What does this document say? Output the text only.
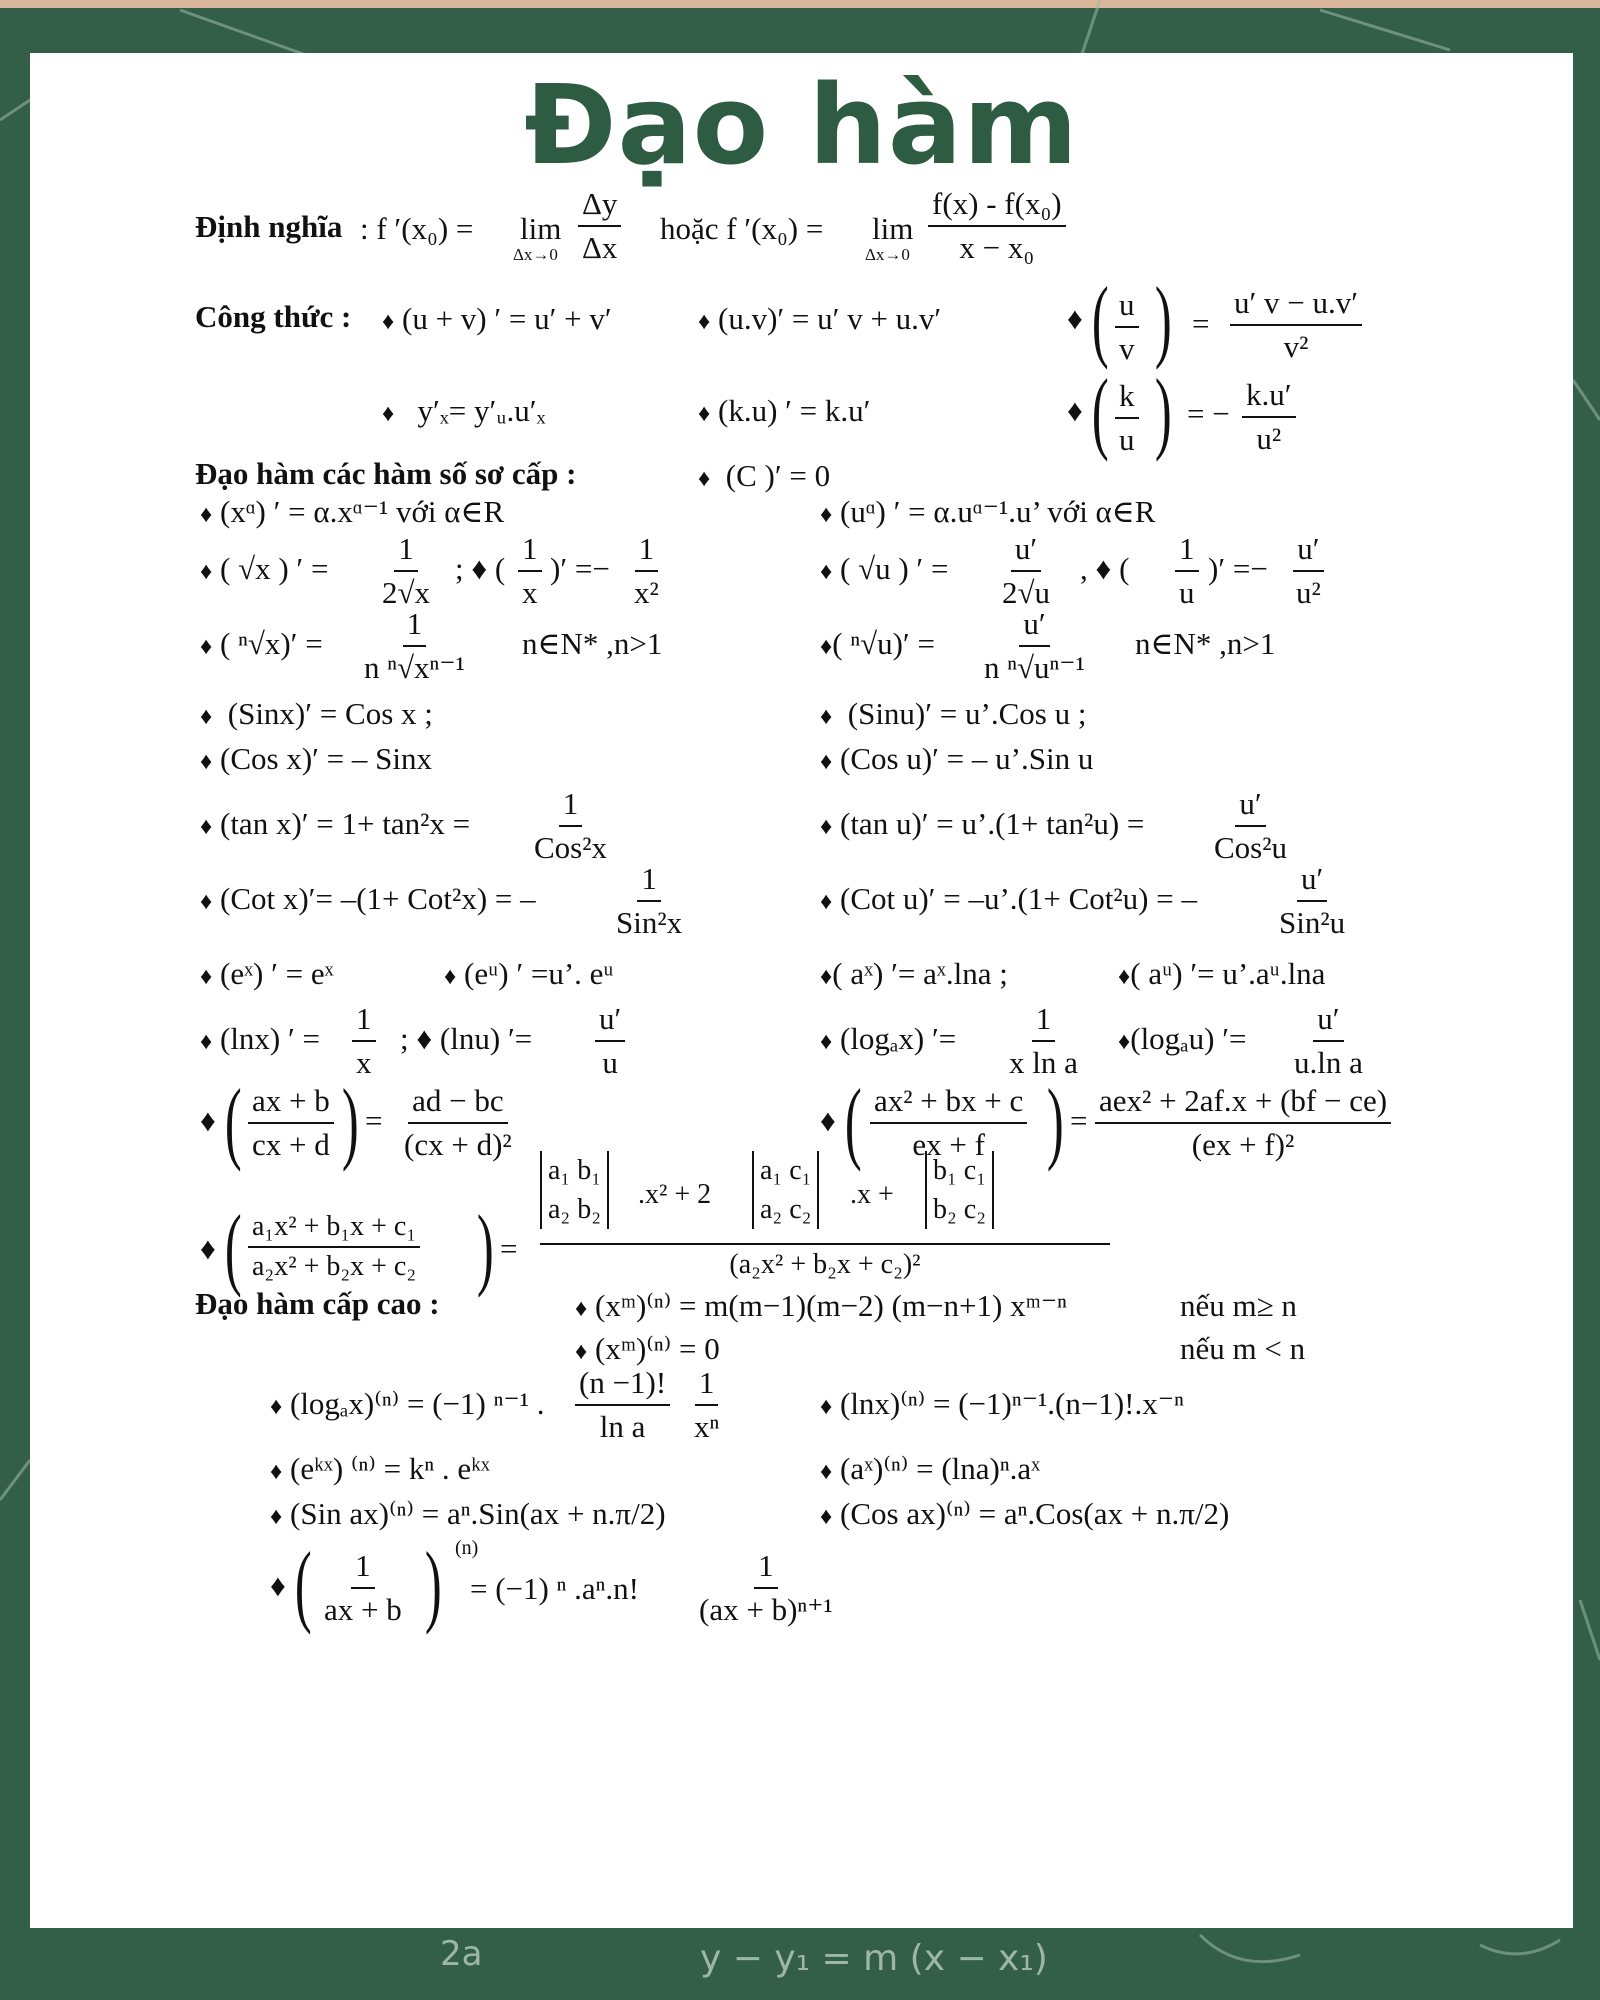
2a	y − y₁ = m (x − x₁)
Đạo hàm
Định nghĩa : f ′(x₀) = lim
$\Delta x\to 0 \frac{\Delta y}{\Delta x}$ hoặc f ′(x₀) = lim
$\Delta x\to 0 \frac{\text{f(x) - f(x₀)}}{\text{x − x₀}}$
Công thức : ♦ (u + v) ′ = u′ + v′	♦ (u.v)′ = u′ v + u.v′	♦ ( $\frac{u}{v}$ ) = $\frac{u' v - u.v'}{\text{v²}}$
♦ y′ₓ= y′ᵤ.u′ₓ	♦ (k.u) ′ = k.u′	♦ ( $\frac{k}{u}$ ) = − $\frac{k.u'}{\text{u²}}$
Đạo hàm các hàm số sơ cấp :	♦ (C )′ = 0
♦ (xᵅ) ′ = α.xᵅ⁻¹ với α∈R	♦ (uᵅ) ′ = α.uᵅ⁻¹.u’ với α∈R
♦ ( √x ) ′ = $\frac{1}{2√x}$ ; ♦ ( $\frac{1}{x}$ )′ =− $\frac{1}{\text{x²}}$	♦ ( √u ) ′ = $\frac{u'}{2√u}$ , ♦ ( $\frac{1}{u}$ )′ =− $\frac{u'}{\text{u²}}$
♦ ( $^n√x)' = \frac{1}{\text{n ⁿ√xⁿ⁻¹}}$ n∈N* ,n>1	♦( $^n√u)' = \frac{u'}{\text{n ⁿ√uⁿ⁻¹}}$ n∈N* ,n>1
♦ (Sinx)′ = Cos x ;	♦ (Sinu)′ = u’.Cos u ;
♦ (Cos x)′ = – Sinx	♦ (Cos u)′ = – u’.Sin u
♦ (tan x)′ = 1+ tan²x =
1
Cos²x
♦ (tan u)′ = u’.(1+ tan²u) =
u′
Cos²u
♦ (Cot x)′= –(1+ Cot²x) = –
1
Sin²x
♦ (Cot u)′ = –u’.(1+ Cot²u) = –
u′
Sin²u
♦ (eˣ) ′ = eˣ	♦ (eᵘ) ′ =u’. eᵘ	♦( aˣ) ′= aˣ.lna ;	♦( aᵘ) ′= u’.aᵘ.lna
♦ (lnx) ′ = $\frac{1}{x}$ ; ♦ (lnu) ′= $\frac{u'}{u}$	♦ (logₐx) ′= $\frac{1}{\text{x ln a}}$ ♦(logₐu) ′= $\frac{u'}{\text{u.ln a}}$
♦ ( $\frac{ax + b}{cx + d}$ ) = $\frac{ad - bc}{\text{(cx + d)²}}$	♦ ( $\frac{\text{ax² + bx + c}}{ex + f}$ ) =
aex² + 2af.x + (bf − ce)
(ex + f)²
♦ ( $\frac{\text{a₁x² + b₁x + c₁}}{\text{a₂x² + b₂x + c₂}}$ ) =
a₁ b₁
a₂ b₂ .x² + 2
a₁ c₁
a₂ c₂ .x +
b₁ c₁
b₂ c₂
(a₂x² + b₂x + c₂)²
Đạo hàm cấp cao :	♦ (xᵐ)⁽ⁿ⁾ = m(m−1)(m−2) (m−n+1) xᵐ⁻ⁿ	nếu m≥ n
♦ (xᵐ)⁽ⁿ⁾ = 0	nếu m < n
♦ (logₐx)⁽ⁿ⁾ = (−1) ⁿ⁻¹ . $\frac{(n -1)!}{\text{ln a}} \frac{1}{\text{xⁿ}}$	♦ (lnx)⁽ⁿ⁾ = (−1)ⁿ⁻¹.(n−1)!.x⁻ⁿ
♦ (eᵏˣ) ⁽ⁿ⁾ = kⁿ . eᵏˣ	♦ (aˣ)⁽ⁿ⁾ = (lna)ⁿ.aˣ
♦ (Sin ax)⁽ⁿ⁾ = aⁿ.Sin(ax + n.π/2)	♦ (Cos ax)⁽ⁿ⁾ = aⁿ.Cos(ax + n.π/2)
♦ ( $\frac{1}{ax + b}$ ) (n)
= (−1) ⁿ .aⁿ.n! $\frac{1}{\text{(ax + b)ⁿ⁺¹}}$
